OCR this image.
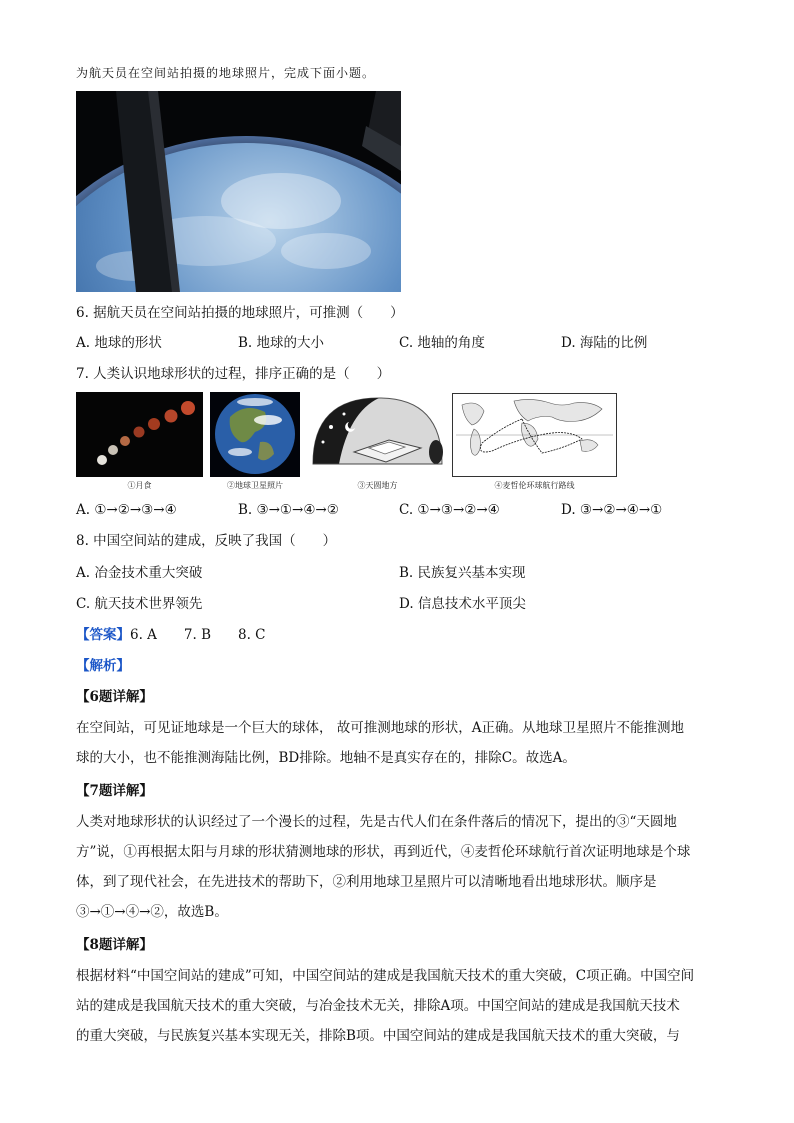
为航天员在空间站拍摄的地球照片，完成下面小题。
6. 据航天员在空间站拍摄的地球照片，可推测（　　）
A. 地球的形状	B. 地球的大小	C. 地轴的角度	D. 海陆的比例
7. 人类认识地球形状的过程，排序正确的是（　　）
①月食	②地球卫星照片	③天圆地方	④麦哲伦环球航行路线
A. ①→②→③→④	B. ③→①→④→②	C. ①→③→②→④	D. ③→②→④→①
8. 中国空间站的建成，反映了我国（　　）
A. 冶金技术重大突破	B. 民族复兴基本实现
C. 航天技术世界领先	D. 信息技术水平顶尖
【答案】6. A　　7. B　　8. C
【解析】
【6题详解】
在空间站，可见证地球是一个巨大的球体， 故可推测地球的形状，A正确。从地球卫星照片不能推测地
球的大小，也不能推测海陆比例，BD排除。地轴不是真实存在的，排除C。故选A。
【7题详解】
人类对地球形状的认识经过了一个漫长的过程，先是古代人们在条件落后的情况下，提出的③“天圆地
方”说，①再根据太阳与月球的形状猜测地球的形状，再到近代，④麦哲伦环球航行首次证明地球是个球
体，到了现代社会，在先进技术的帮助下，②利用地球卫星照片可以清晰地看出地球形状。顺序是
③→①→④→②，故选B。
【8题详解】
根据材料“中国空间站的建成”可知，中国空间站的建成是我国航天技术的重大突破，C项正确。中国空间
站的建成是我国航天技术的重大突破，与冶金技术无关，排除A项。中国空间站的建成是我国航天技术
的重大突破，与民族复兴基本实现无关，排除B项。中国空间站的建成是我国航天技术的重大突破，与
